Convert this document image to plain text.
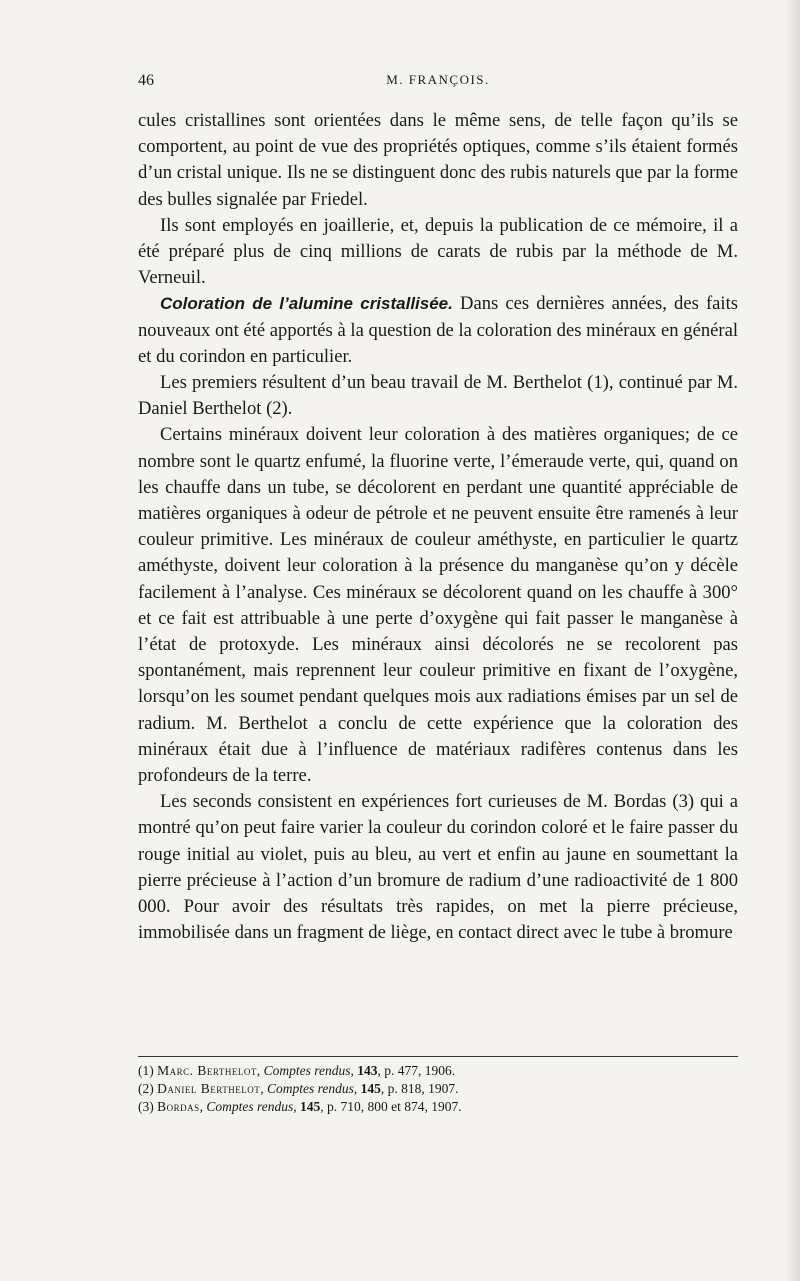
46	M. FRANÇOIS.

cules cristallines sont orientées dans le même sens, de telle façon qu’ils se comportent, au point de vue des propriétés optiques, comme s’ils étaient formés d’un cristal unique. Ils ne se distinguent donc des rubis naturels que par la forme des bulles signalée par Friedel.

Ils sont employés en joaillerie, et, depuis la publication de ce mémoire, il a été préparé plus de cinq millions de carats de rubis par la méthode de M. Verneuil.

Coloration de l’alumine cristallisée. Dans ces dernières années, des faits nouveaux ont été apportés à la question de la coloration des minéraux en général et du corindon en particulier.

Les premiers résultent d’un beau travail de M. Berthelot (1), continué par M. Daniel Berthelot (2).

Certains minéraux doivent leur coloration à des matières organiques; de ce nombre sont le quartz enfumé, la fluorine verte, l’émeraude verte, qui, quand on les chauffe dans un tube, se décolorent en perdant une quantité appréciable de matières organiques à odeur de pétrole et ne peuvent ensuite être ramenés à leur couleur primitive. Les minéraux de couleur améthyste, en particulier le quartz améthyste, doivent leur coloration à la présence du manganèse qu’on y décèle facilement à l’analyse. Ces minéraux se décolorent quand on les chauffe à 300° et ce fait est attribuable à une perte d’oxygène qui fait passer le manganèse à l’état de protoxyde. Les minéraux ainsi décolorés ne se recolorent pas spontanément, mais reprennent leur couleur primitive en fixant de l’oxygène, lorsqu’on les soumet pendant quelques mois aux radiations émises par un sel de radium. M. Berthelot a conclu de cette expérience que la coloration des minéraux était due à l’influence de matériaux radifères contenus dans les profondeurs de la terre.

Les seconds consistent en expériences fort curieuses de M. Bordas (3) qui a montré qu’on peut faire varier la couleur du corindon coloré et le faire passer du rouge initial au violet, puis au bleu, au vert et enfin au jaune en soumettant la pierre précieuse à l’action d’un bromure de radium d’une radioactivité de 1 800 000. Pour avoir des résultats très rapides, on met la pierre précieuse, immobilisée dans un fragment de liège, en contact direct avec le tube à bromure

(1) Marc. Berthelot, Comptes rendus, 143, p. 477, 1906.
(2) Daniel Berthelot, Comptes rendus, 145, p. 818, 1907.
(3) Bordas, Comptes rendus, 145, p. 710, 800 et 874, 1907.
